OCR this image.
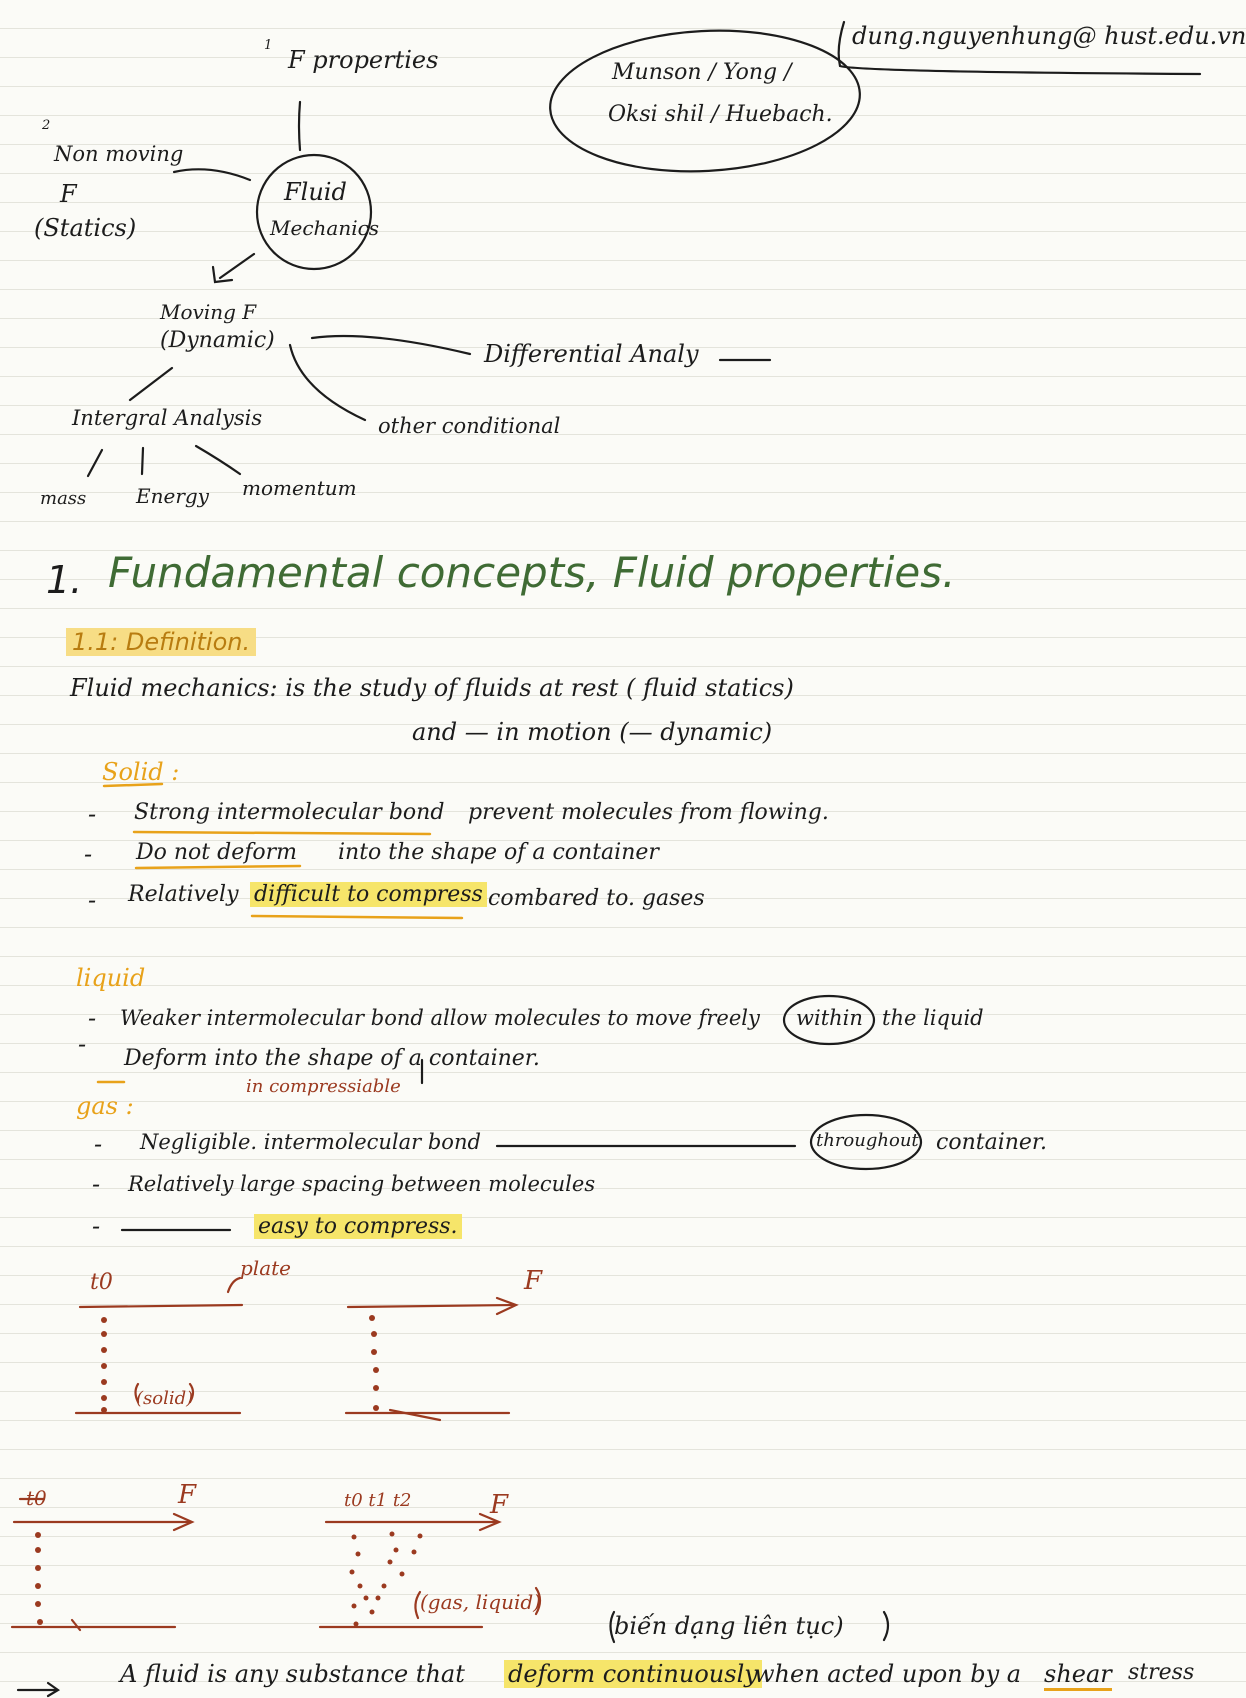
dung.nguyenhung@ hust.edu.vn
Munson / Yong /
Oksi shil / Huebach.
1
F properties
2
Non moving
F
(Statics)
Fluid
Mechanics
Moving F
(Dynamic)	Differential Analy
Intergral Analysis	other conditional
mass Energy momentum
1. Fundamental concepts, Fluid properties.
1.1: Definition.
Fluid mechanics: is the study of fluids at rest ( fluid statics)
and — in motion (— dynamic)
Solid :
- Strong intermolecular bond prevent molecules from flowing.
- Do not deform into the shape of a container
- Relatively difficult to compress combared to. gases
liquid
- Weaker intermolecular bond allow molecules to move freely within the liquid
-
Deform into the shape of a container.
in compressiable
gas :
- Negligible. intermolecular bond	throughout container.
- Relatively large spacing between molecules
-	easy to compress.
t0
plate
(solid)
F
t0	F	t0 t1 t2	F
(gas, liquid)
biến dạng liên tục)
A fluid is any substance that deform continuously
when acted upon by a shear stress
